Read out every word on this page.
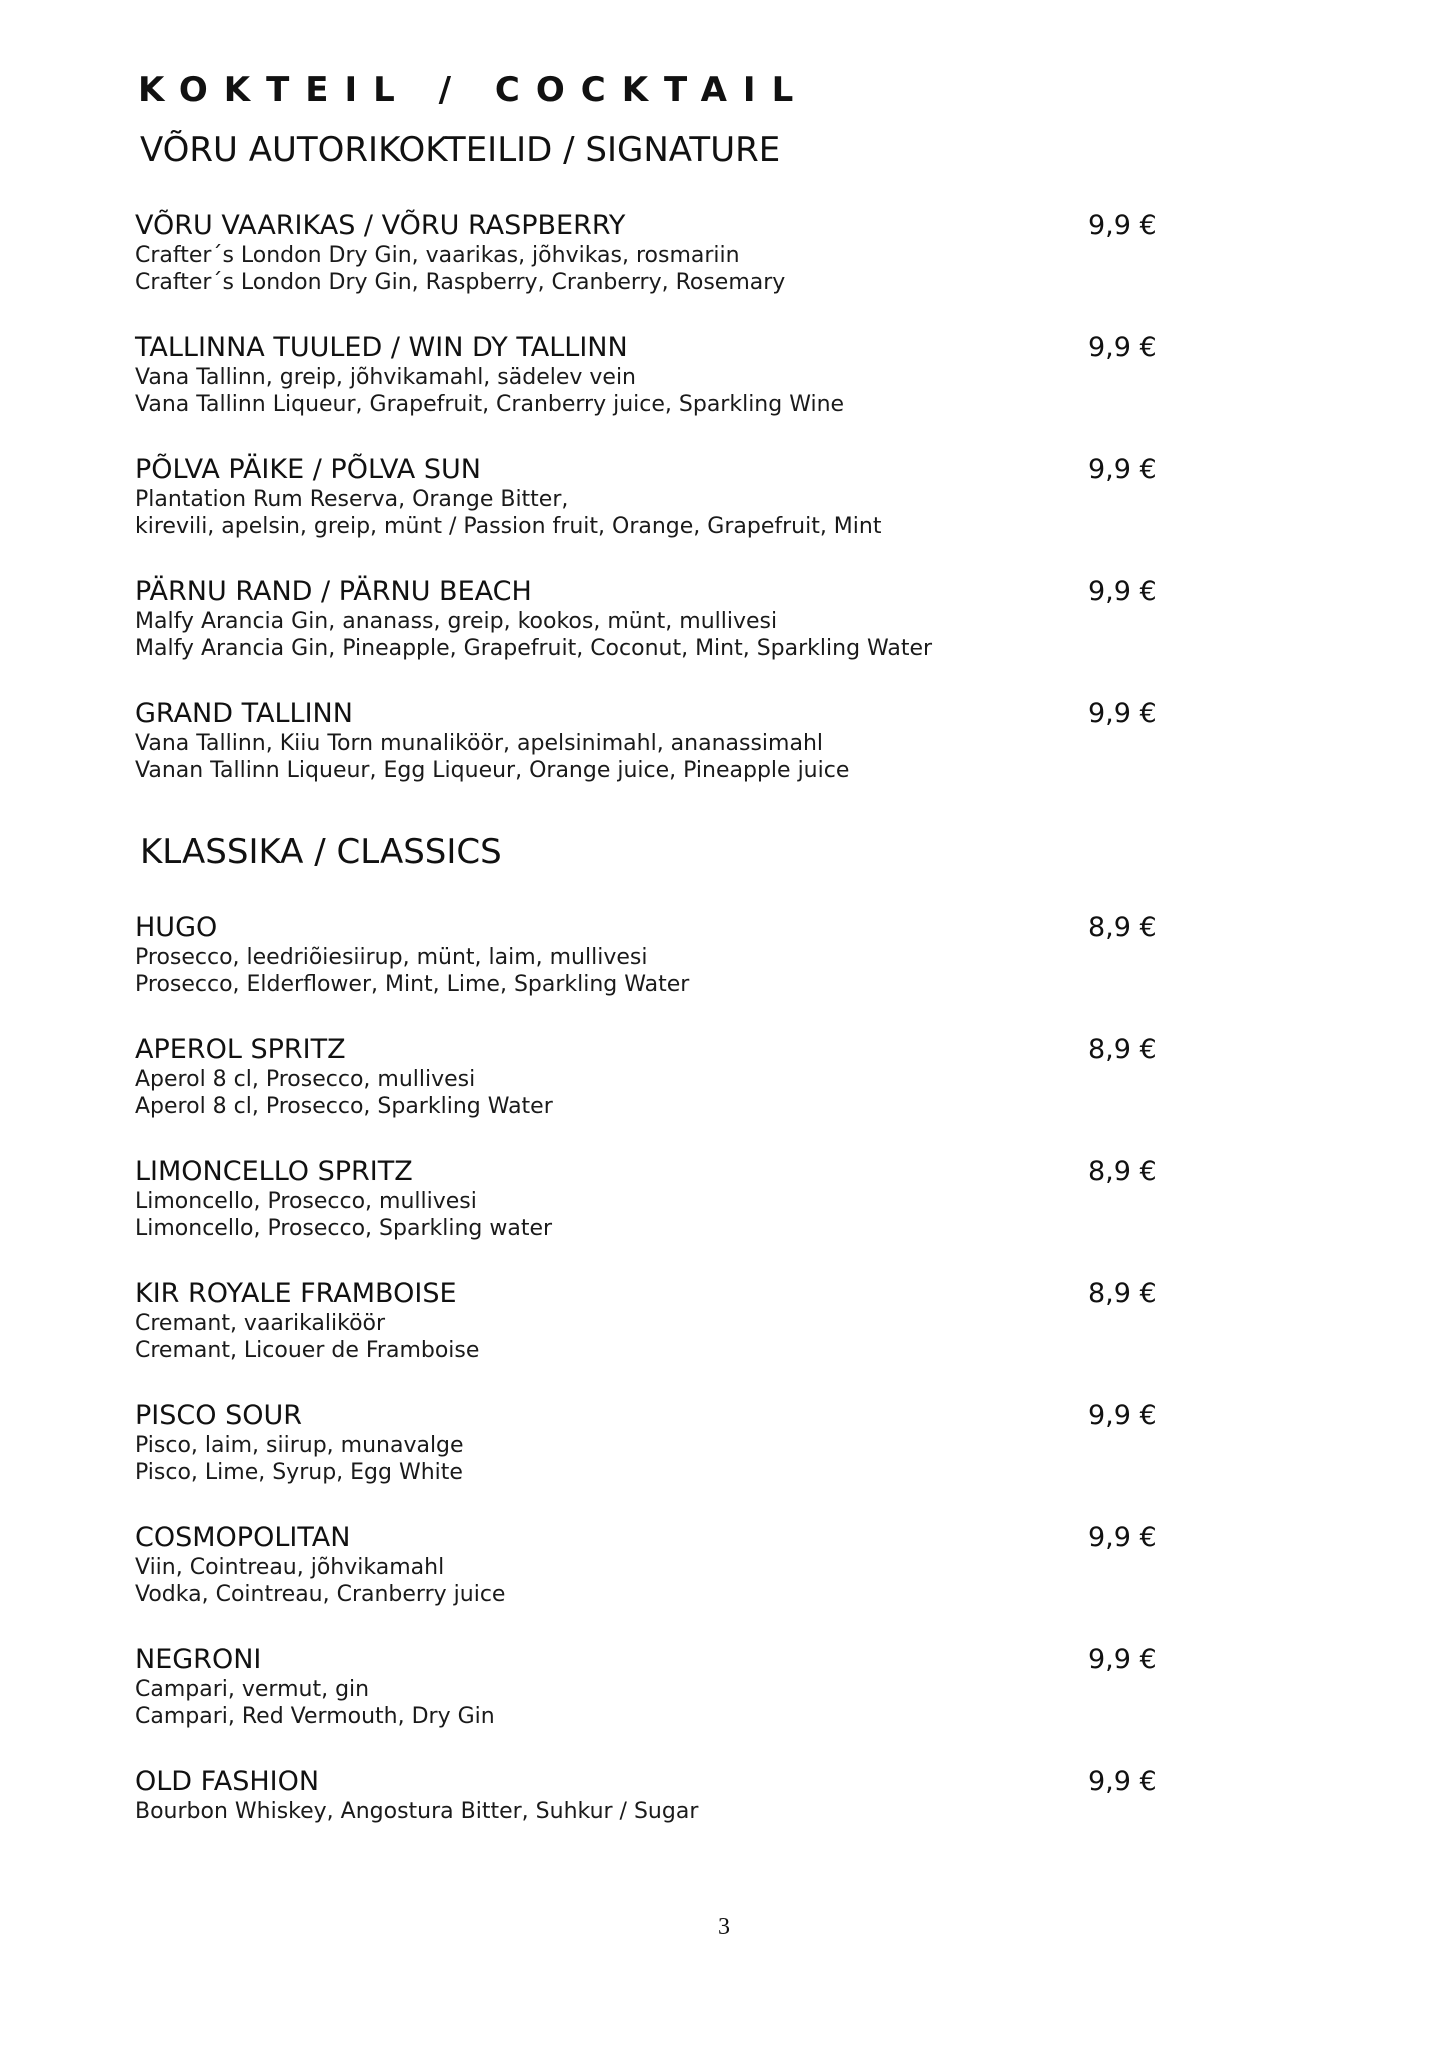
KOKTEIL / COCKTAIL
VÕRU AUTORIKOKTEILID / SIGNATURE
VÕRU VAARIKAS / VÕRU RASPBERRY	9,9 €
Crafter´s London Dry Gin, vaarikas, jõhvikas, rosmariin
Crafter´s London Dry Gin, Raspberry, Cranberry, Rosemary
TALLINNA TUULED / WIN DY TALLINN	9,9 €
Vana Tallinn, greip, jõhvikamahl, sädelev vein
Vana Tallinn Liqueur, Grapefruit, Cranberry juice, Sparkling Wine
PÕLVA PÄIKE / PÕLVA SUN	9,9 €
Plantation Rum Reserva, Orange Bitter,
kirevili, apelsin, greip, münt / Passion fruit, Orange, Grapefruit, Mint
PÄRNU RAND / PÄRNU BEACH	9,9 €
Malfy Arancia Gin, ananass, greip, kookos, münt, mullivesi
Malfy Arancia Gin, Pineapple, Grapefruit, Coconut, Mint, Sparkling Water
GRAND TALLINN	9,9 €
Vana Tallinn, Kiiu Torn munaliköör, apelsinimahl, ananassimahl
Vanan Tallinn Liqueur, Egg Liqueur, Orange juice, Pineapple juice
KLASSIKA / CLASSICS
HUGO	8,9 €
Prosecco, leedriõiesiirup, münt, laim, mullivesi
Prosecco, Elderflower, Mint, Lime, Sparkling Water
APEROL SPRITZ	8,9 €
Aperol 8 cl, Prosecco, mullivesi
Aperol 8 cl, Prosecco, Sparkling Water
LIMONCELLO SPRITZ	8,9 €
Limoncello, Prosecco, mullivesi
Limoncello, Prosecco, Sparkling water
KIR ROYALE FRAMBOISE	8,9 €
Cremant, vaarikaliköör
Cremant, Licouer de Framboise
PISCO SOUR	9,9 €
Pisco, laim, siirup, munavalge
Pisco, Lime, Syrup, Egg White
COSMOPOLITAN	9,9 €
Viin, Cointreau, jõhvikamahl
Vodka, Cointreau, Cranberry juice
NEGRONI	9,9 €
Campari, vermut, gin
Campari, Red Vermouth, Dry Gin
OLD FASHION	9,9 €
Bourbon Whiskey, Angostura Bitter, Suhkur / Sugar
3
